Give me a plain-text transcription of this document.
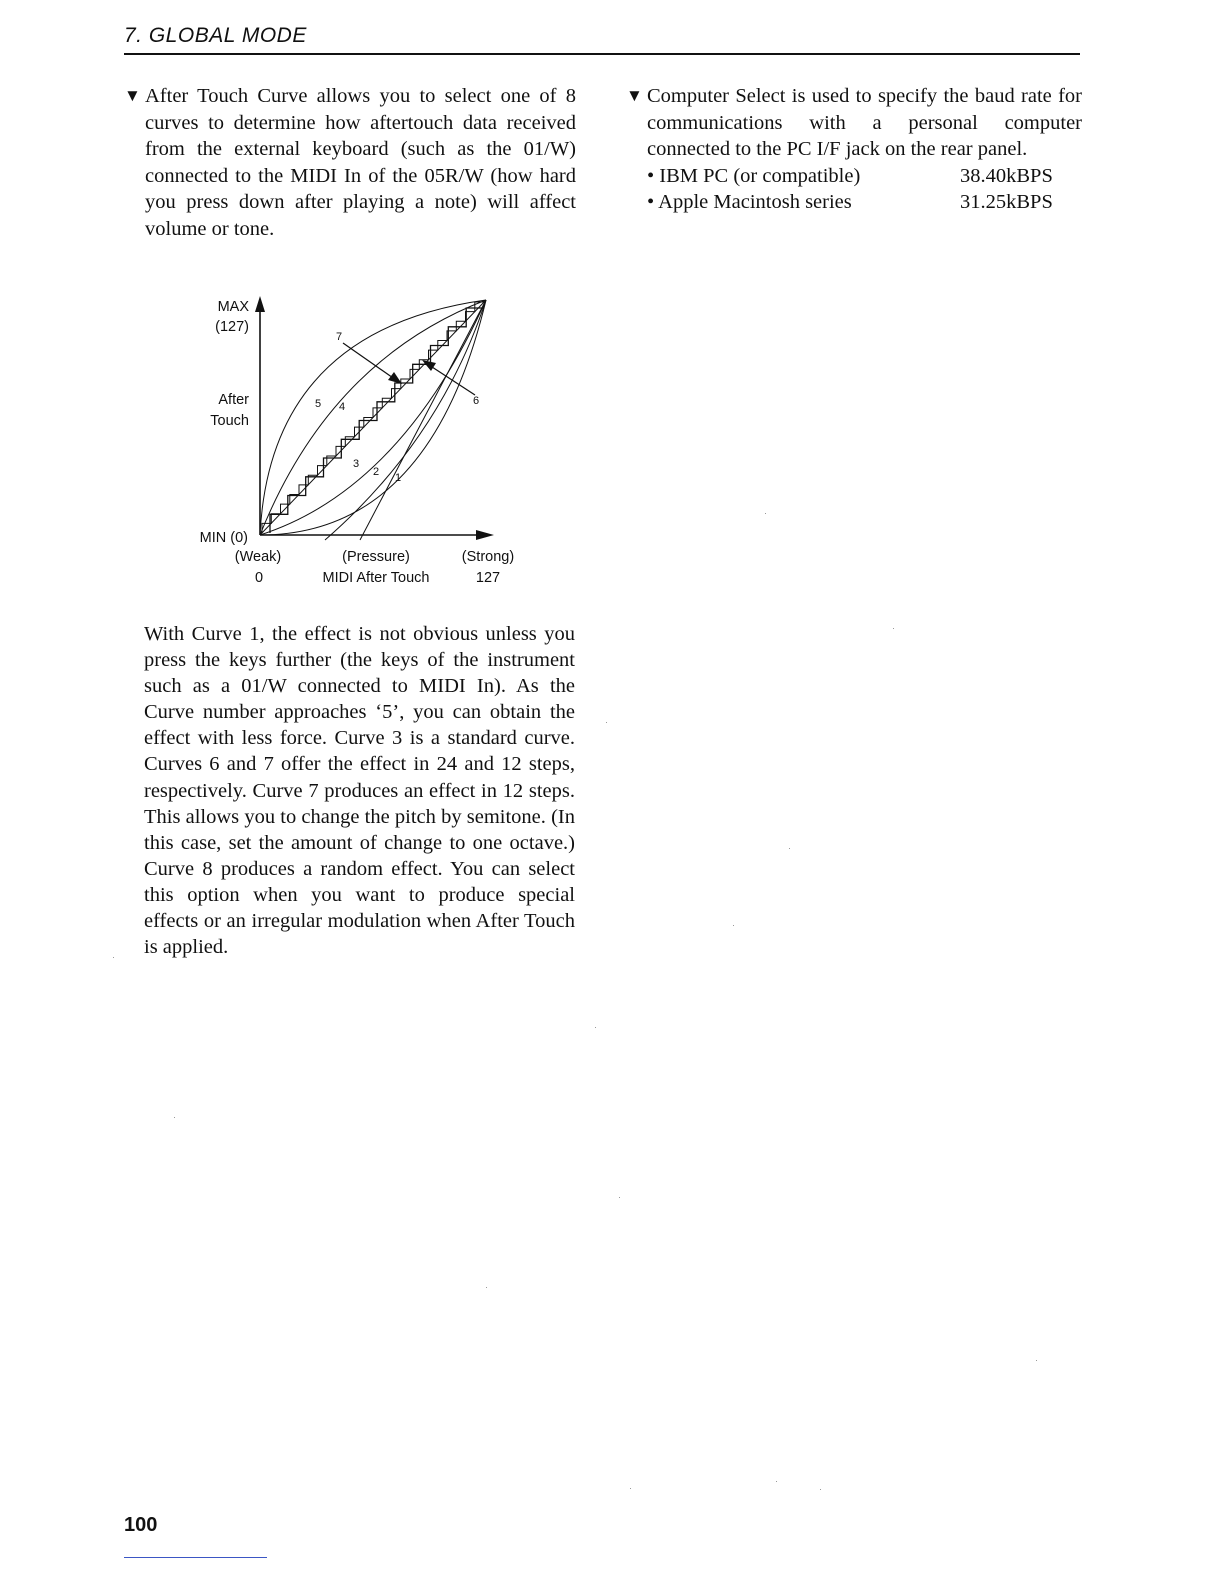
7. GLOBAL MODE

▼ After Touch Curve allows you to select one of 8 curves to determine how aftertouch data received from the external keyboard (such as the 01/W) connected to the MIDI In of the 05R/W (how hard you press down after playing a note) will affect volume or tone.

7
6
5 4
3
2 1
MAX
(127)
After
Touch
MIN (0)
(Weak)	(Pressure)	(Strong)
0	MIDI After Touch	127

With Curve 1, the effect is not obvious unless you press the keys further (the keys of the instrument such as a 01/W connected to MIDI In). As the Curve number approaches ‘5’, you can obtain the effect with less force. Curve 3 is a standard curve. Curves 6 and 7 offer the effect in 24 and 12 steps, respectively. Curve 7 produces an effect in 12 steps. This allows you to change the pitch by semitone. (In this case, set the amount of change to one octave.) Curve 8 produces a random effect. You can select this option when you want to produce special effects or an irregular modulation when After Touch is applied.

▼ Computer Select is used to specify the baud rate for communications with a personal computer connected to the PC I/F jack on the rear panel.

• IBM PC (or compatible)	38.40kBPS
• Apple Macintosh series	31.25kBPS
100
